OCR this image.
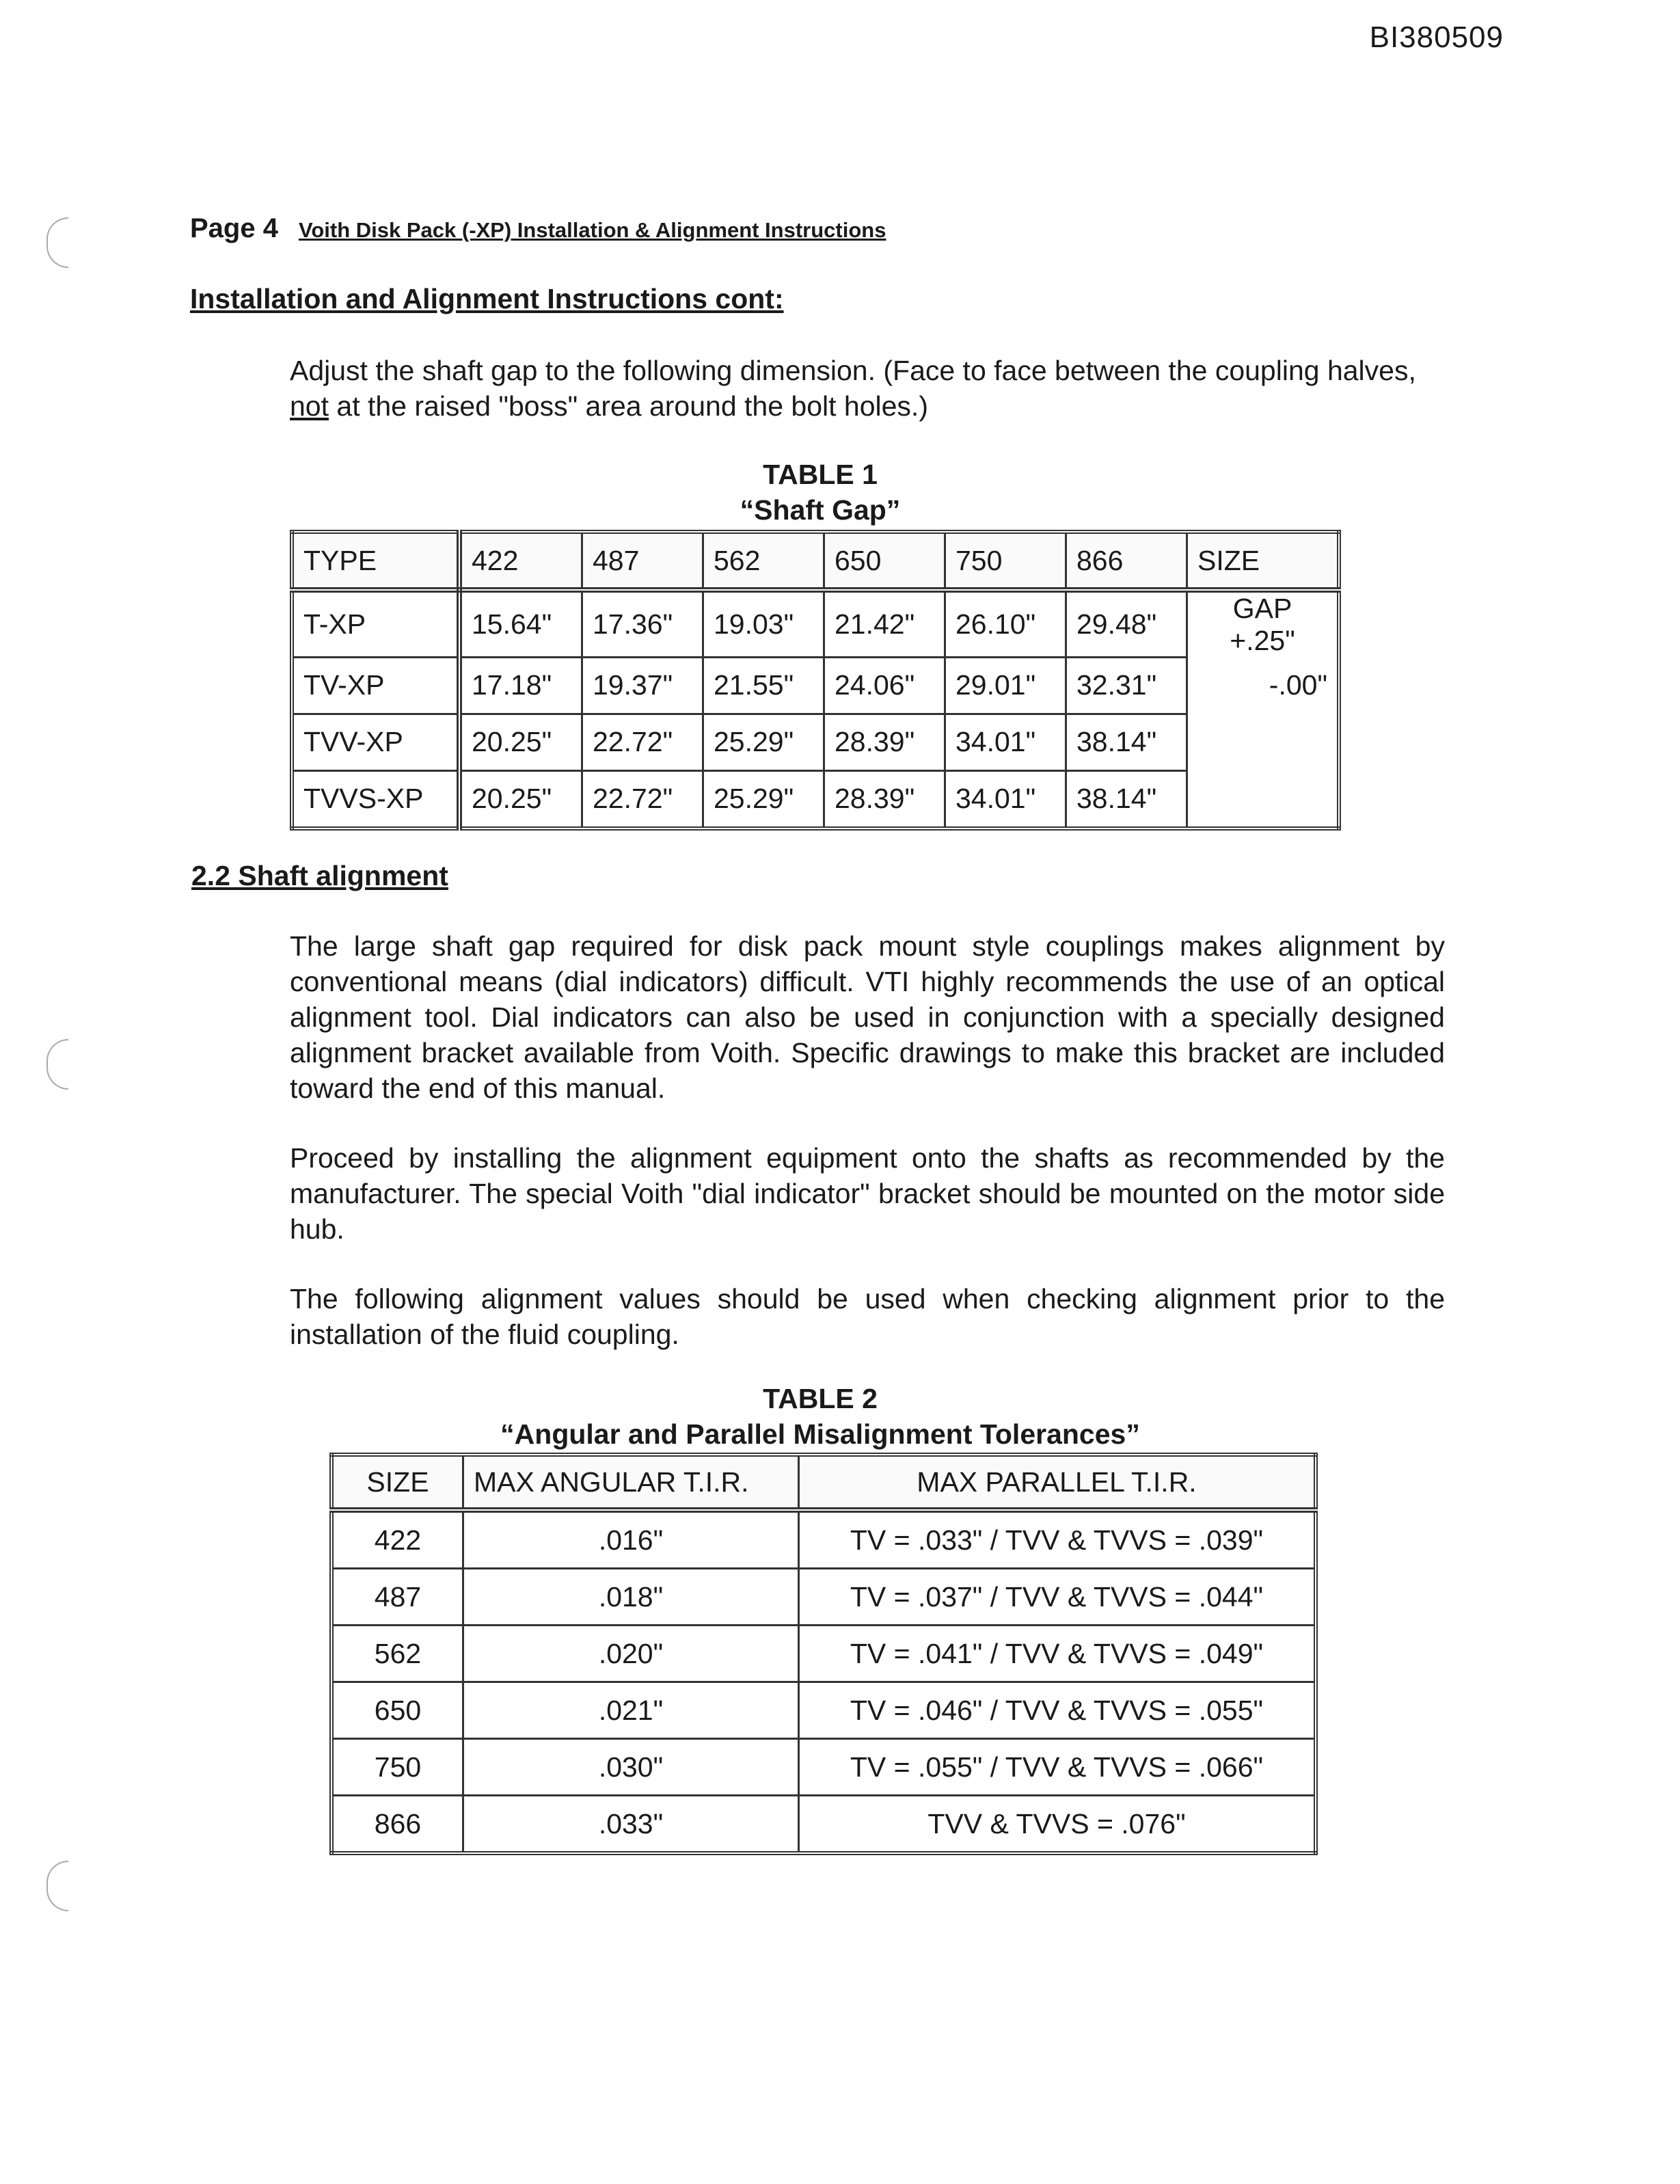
BI380509
Page 4 Voith Disk Pack (-XP) Installation & Alignment Instructions
Installation and Alignment Instructions cont:
Adjust the shaft gap to the following dimension. (Face to face between the coupling halves,
not at the raised "boss" area around the bolt holes.)
TABLE 1
“Shaft Gap”
TYPE	422	487	562	650	750	866	SIZE
T-XP	15.64"	17.36"	19.03"	21.42"	26.10"	29.48"	GAP +.25"
TV-XP	17.18"	19.37"	21.55"	24.06"	29.01"	32.31"	-.00"
TVV-XP	20.25"	22.72"	25.29"	28.39"	34.01"	38.14"	
TVVS-XP	20.25"	22.72"	25.29"	28.39"	34.01"	38.14"	
2.2 Shaft alignment
The large shaft gap required for disk pack mount style couplings makes alignment by conventional means (dial indicators) difficult. VTI highly recommends the use of an optical alignment tool. Dial indicators can also be used in conjunction with a specially designed alignment bracket available from Voith. Specific drawings to make this bracket are included toward the end of this manual.
Proceed by installing the alignment equipment onto the shafts as recommended by the manufacturer. The special Voith "dial indicator" bracket should be mounted on the motor side hub.
The following alignment values should be used when checking alignment prior to the installation of the fluid coupling.
TABLE 2
“Angular and Parallel Misalignment Tolerances”
SIZE	MAX ANGULAR T.I.R.	MAX PARALLEL T.I.R.
422	.016"	TV = .033" / TVV & TVVS = .039"
487	.018"	TV = .037" / TVV & TVVS = .044"
562	.020"	TV = .041" / TVV & TVVS = .049"
650	.021"	TV = .046" / TVV & TVVS = .055"
750	.030"	TV = .055" / TVV & TVVS = .066"
866	.033"	TVV & TVVS = .076"
